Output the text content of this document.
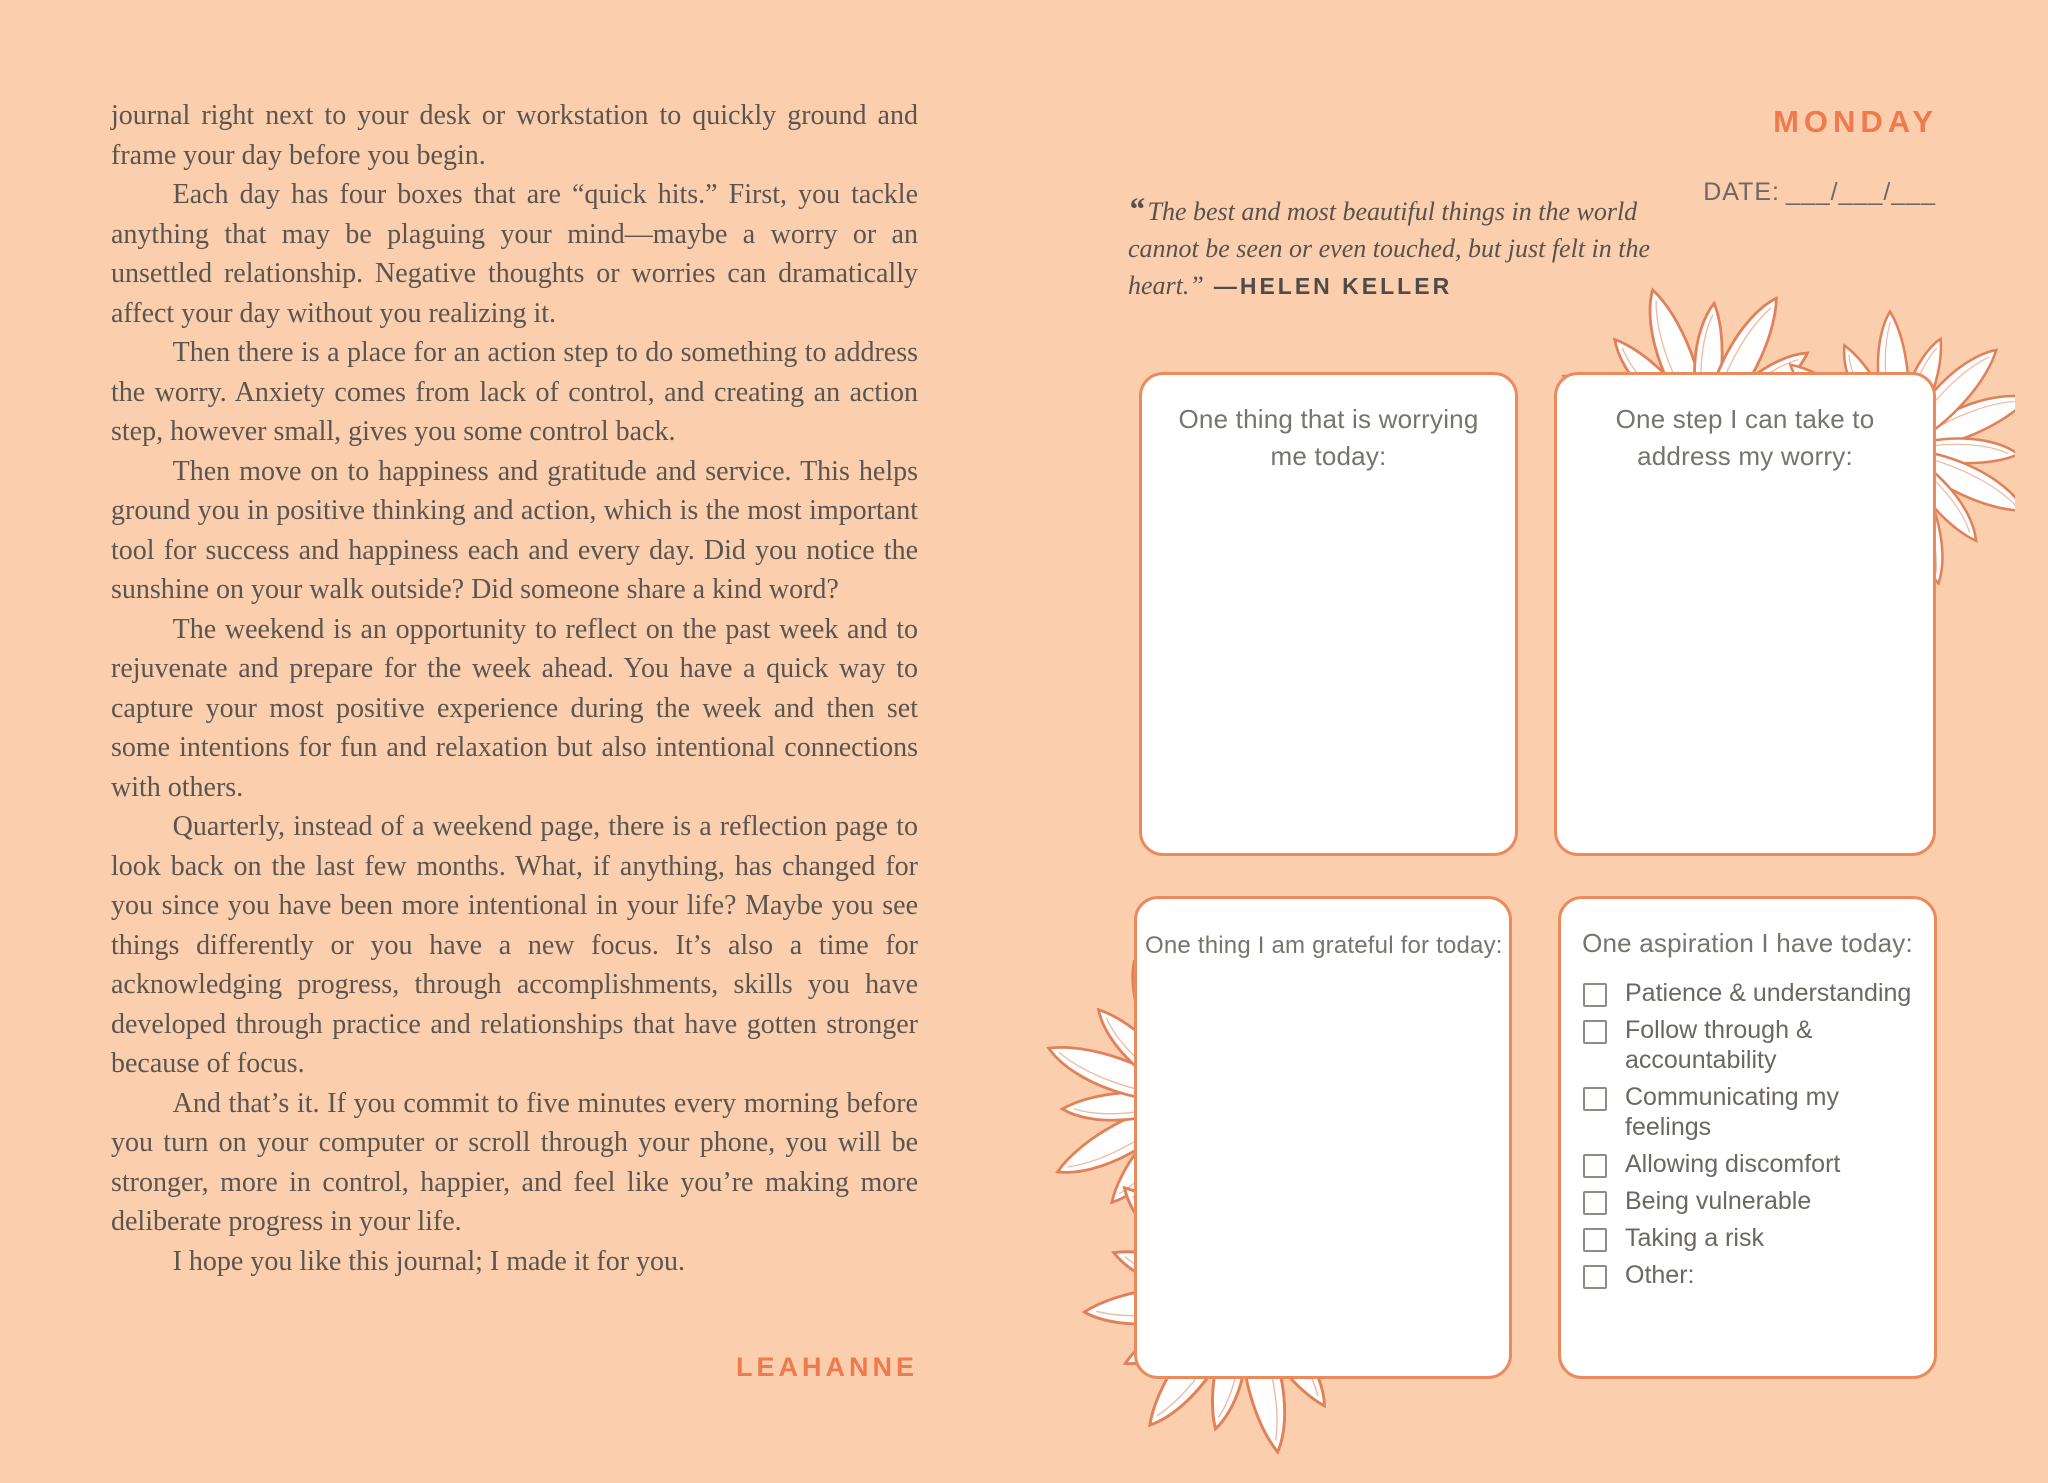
journal right next to your desk or workstation to quickly ground and frame your day before you begin.

Each day has four boxes that are “quick hits.” First, you tackle anything that may be plaguing your mind—maybe a worry or an unsettled relationship. Negative thoughts or worries can dramatically affect your day without you realizing it.

Then there is a place for an action step to do something to address the worry. Anxiety comes from lack of control, and creating an action step, however small, gives you some control back.

Then move on to happiness and gratitude and service. This helps ground you in positive thinking and action, which is the most important tool for success and happiness each and every day. Did you notice the sunshine on your walk outside? Did someone share a kind word?

The weekend is an opportunity to reflect on the past week and to rejuvenate and prepare for the week ahead. You have a quick way to capture your most positive experience during the week and then set some intentions for fun and relaxation but also intentional connections with others.

Quarterly, instead of a weekend page, there is a reflection page to look back on the last few months. What, if anything, has changed for you since you have been more intentional in your life? Maybe you see things differently or you have a new focus. It’s also a time for acknowledging progress, through accomplishments, skills you have developed through practice and relationships that have gotten stronger because of focus.

And that’s it. If you commit to five minutes every morning before you turn on your computer or scroll through your phone, you will be stronger, more in control, happier, and feel like you’re making more deliberate progress in your life.

I hope you like this journal; I made it for you.

LEAHANNE
MONDAY
DATE: ___/___/___
“ The best and most beautiful things in the world cannot be seen or even touched, but just felt in the heart.” —HELEN KELLER
One thing that is worrying me today:
One step I can take to address my worry:
One thing I am grateful for today:	One aspiration I have today:
Patience & understanding
Follow through & accountability
Communicating my feelings
Allowing discomfort
Being vulnerable
Taking a risk
Other:
